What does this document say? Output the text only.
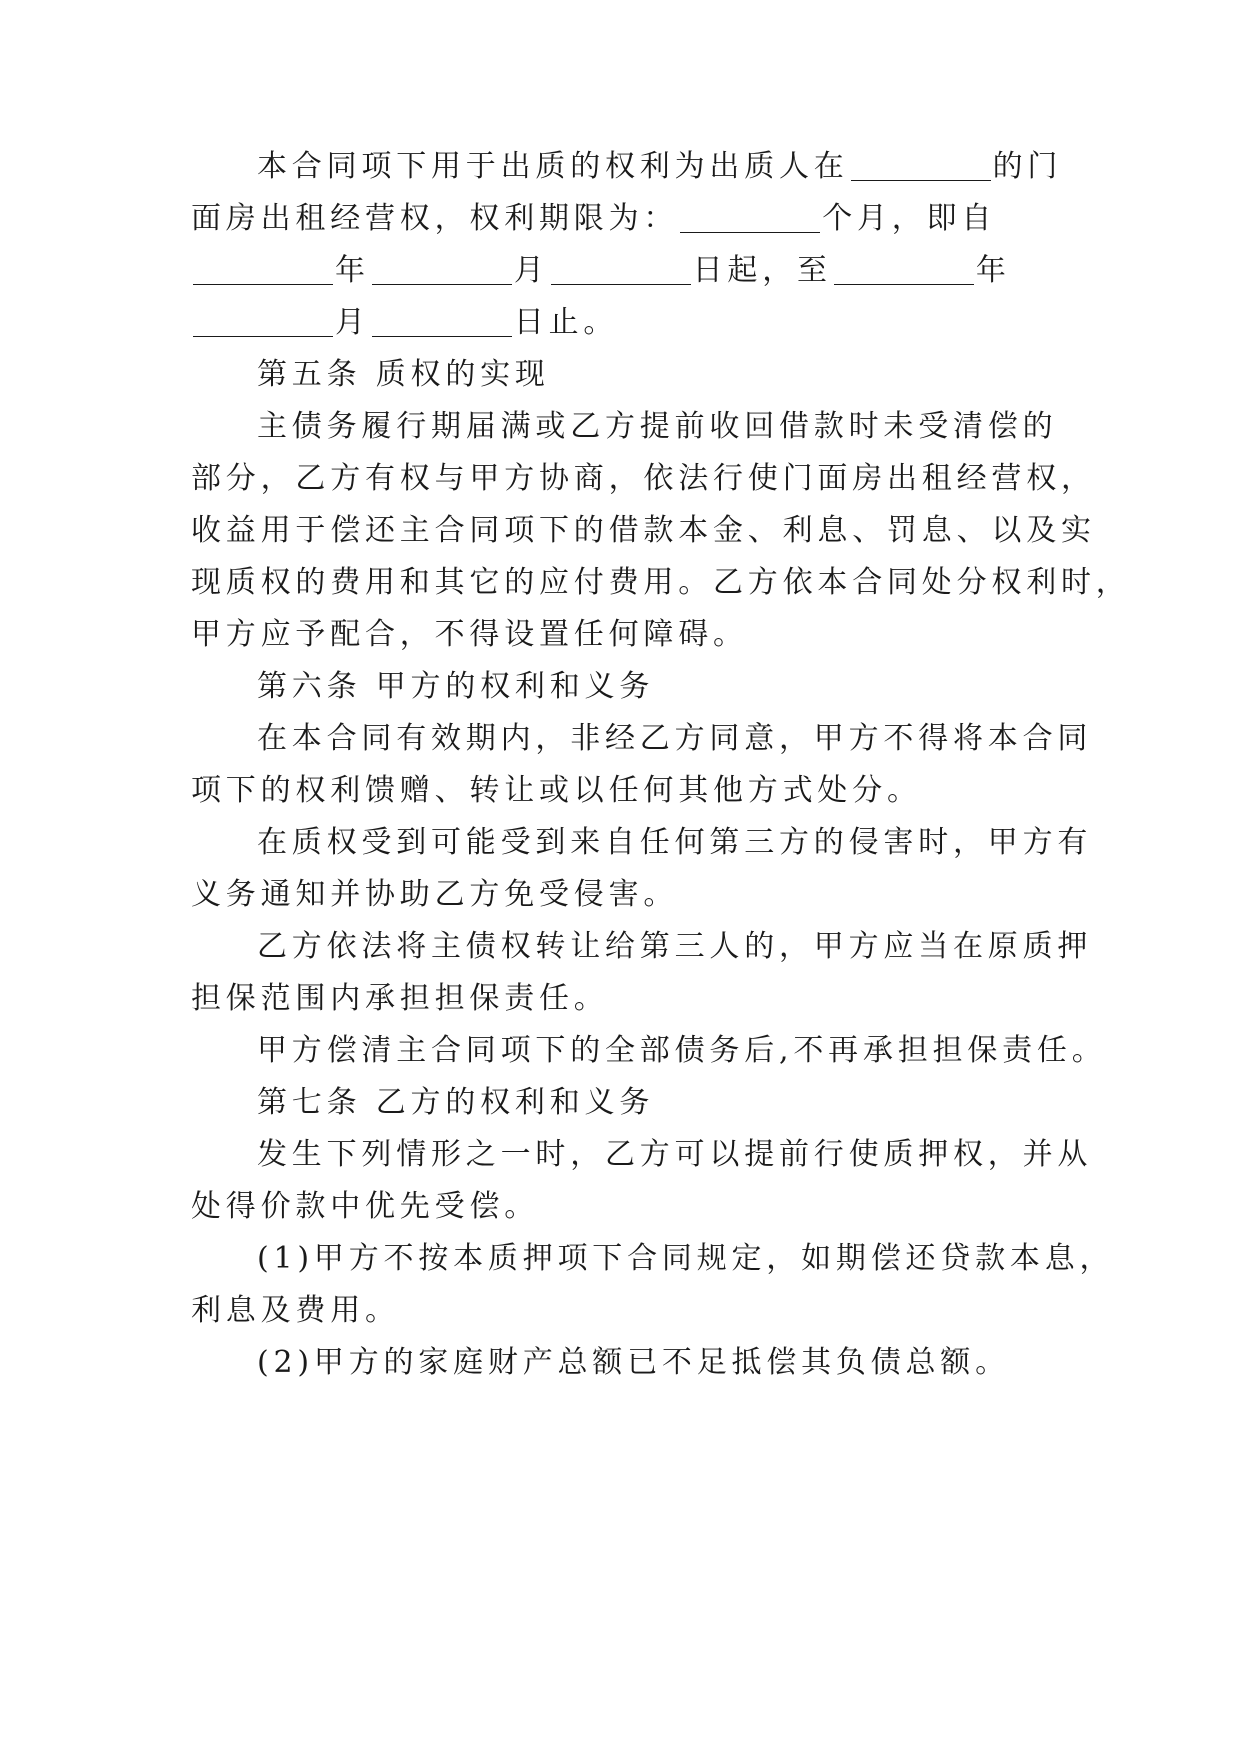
本合同项下用于出质的权利为出质人在	的门
面房出租经营权，权利期限为：	个月，即自
年	月	日起，至	年
月	日止。
第五条 质权的实现
主债务履行期届满或乙方提前收回借款时未受清偿的
部分，乙方有权与甲方协商，依法行使门面房出租经营权，
收益用于偿还主合同项下的借款本金、利息、罚息、以及实
现质权的费用和其它的应付费用。乙方依本合同处分权利时，
甲方应予配合，不得设置任何障碍。
第六条 甲方的权利和义务
在本合同有效期内，非经乙方同意，甲方不得将本合同
项下的权利馈赠、转让或以任何其他方式处分。
在质权受到可能受到来自任何第三方的侵害时，甲方有
义务通知并协助乙方免受侵害。
乙方依法将主债权转让给第三人的，甲方应当在原质押
担保范围内承担担保责任。
甲方偿清主合同项下的全部债务后,不再承担担保责任。
第七条 乙方的权利和义务
发生下列情形之一时，乙方可以提前行使质押权，并从
处得价款中优先受偿。
(1)甲方不按本质押项下合同规定，如期偿还贷款本息，
利息及费用。
(2)甲方的家庭财产总额已不足抵偿其负债总额。
